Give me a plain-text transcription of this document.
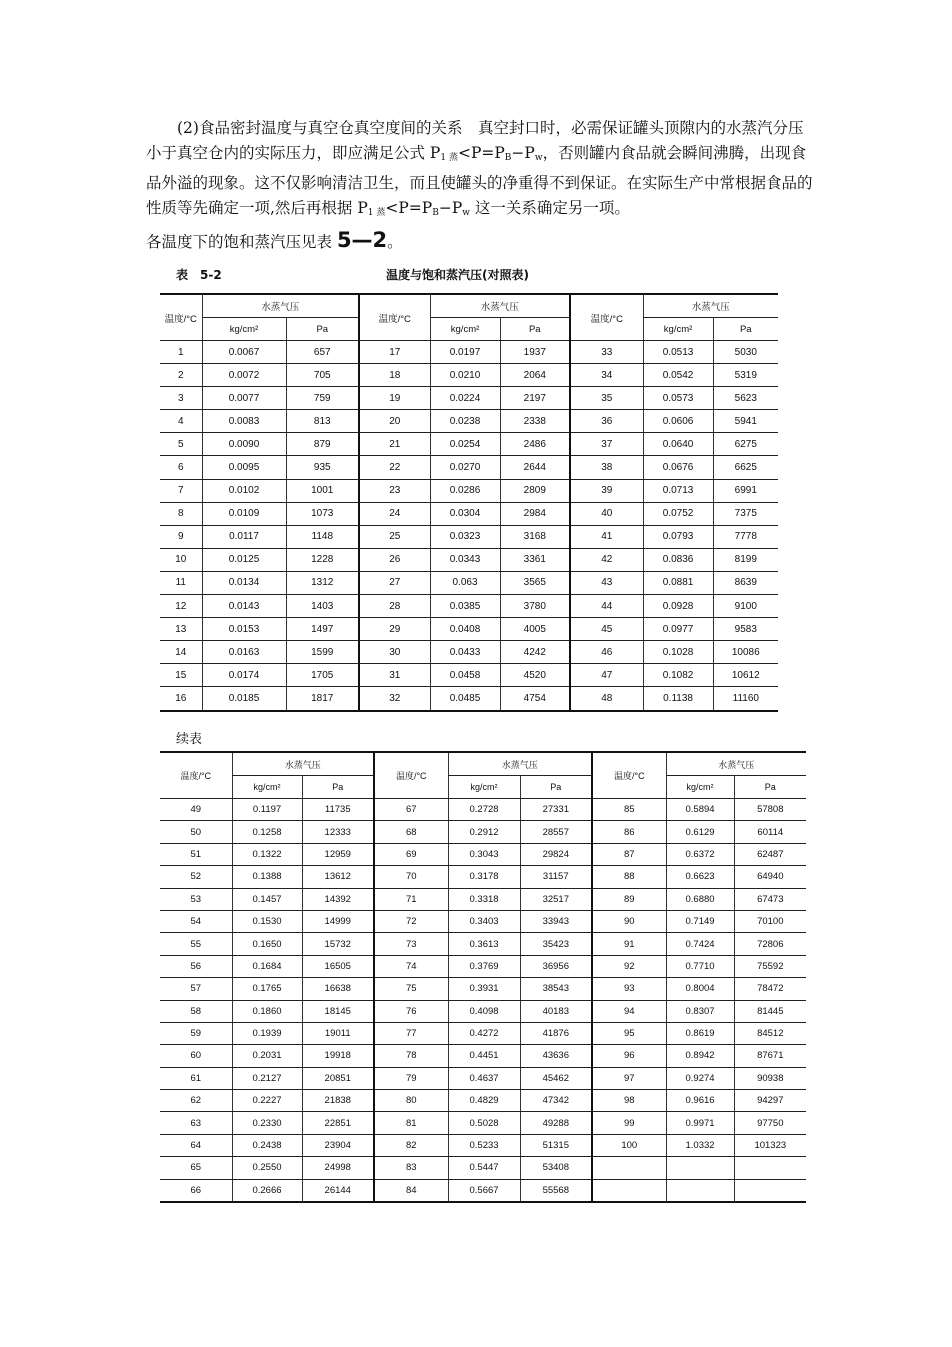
(2)食品密封温度与真空仓真空度间的关系　真空封口时，必需保证罐头顶隙内的水蒸汽分压小于真空仓内的实际压力，即应满足公式 $P_{1 蒸}<P=P_B-P_w$，否则罐内食品就会瞬间沸腾，出现食品外溢的现象。这不仅影响清洁卫生，而且使罐头的净重得不到保证。在实际生产中常根据食品的性质等先确定一项,然后再根据 $P_{1 蒸}<P=P_B-P_w$ 这一关系确定另一项。

各温度下的饱和蒸汽压见表 5—2。
表　5-2	温度与饱和蒸汽压(对照表)
温度/°C	水蒸气压		温度/°C	水蒸气压		温度/°C	水蒸气压	
	kg/cm²	Pa		kg/cm²	Pa		kg/cm²	Pa
1	0.0067	657	17	0.0197	1937	33	0.0513	5030
2	0.0072	705	18	0.0210	2064	34	0.0542	5319
3	0.0077	759	19	0.0224	2197	35	0.0573	5623
4	0.0083	813	20	0.0238	2338	36	0.0606	5941
5	0.0090	879	21	0.0254	2486	37	0.0640	6275
6	0.0095	935	22	0.0270	2644	38	0.0676	6625
7	0.0102	1001	23	0.0286	2809	39	0.0713	6991
8	0.0109	1073	24	0.0304	2984	40	0.0752	7375
9	0.0117	1148	25	0.0323	3168	41	0.0793	7778
10	0.0125	1228	26	0.0343	3361	42	0.0836	8199
11	0.0134	1312	27	0.063	3565	43	0.0881	8639
12	0.0143	1403	28	0.0385	3780	44	0.0928	9100
13	0.0153	1497	29	0.0408	4005	45	0.0977	9583
14	0.0163	1599	30	0.0433	4242	46	0.1028	10086
15	0.0174	1705	31	0.0458	4520	47	0.1082	10612
16	0.0185	1817	32	0.0485	4754	48	0.1138	11160
续表
温度/°C	水蒸气压		温度/°C	水蒸气压		温度/°C	水蒸气压	
	kg/cm²	Pa		kg/cm²	Pa		kg/cm²	Pa
49	0.1197	11735	67	0.2728	27331	85	0.5894	57808
50	0.1258	12333	68	0.2912	28557	86	0.6129	60114
51	0.1322	12959	69	0.3043	29824	87	0.6372	62487
52	0.1388	13612	70	0.3178	31157	88	0.6623	64940
53	0.1457	14392	71	0.3318	32517	89	0.6880	67473
54	0.1530	14999	72	0.3403	33943	90	0.7149	70100
55	0.1650	15732	73	0.3613	35423	91	0.7424	72806
56	0.1684	16505	74	0.3769	36956	92	0.7710	75592
57	0.1765	16638	75	0.3931	38543	93	0.8004	78472
58	0.1860	18145	76	0.4098	40183	94	0.8307	81445
59	0.1939	19011	77	0.4272	41876	95	0.8619	84512
60	0.2031	19918	78	0.4451	43636	96	0.8942	87671
61	0.2127	20851	79	0.4637	45462	97	0.9274	90938
62	0.2227	21838	80	0.4829	47342	98	0.9616	94297
63	0.2330	22851	81	0.5028	49288	99	0.9971	97750
64	0.2438	23904	82	0.5233	51315	100	1.0332	101323
65	0.2550	24998	83	0.5447	53408			
66	0.2666	26144	84	0.5667	55568			
